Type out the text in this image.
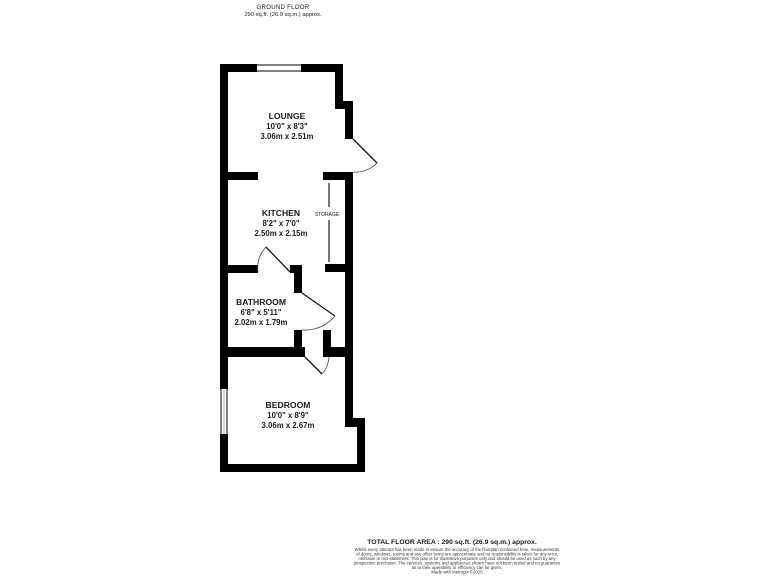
GROUND FLOOR
290 sq.ft. (26.9 sq.m.) approx.
LOUNGE
10'0" x 8'3"
3.06m x 2.51m
KITCHEN
8'2" x 7'0"
2.50m x 2.15m
STORAGE
BATHROOM
6'8" x 5'11"
2.02m x 1.79m
BEDROOM
10'0" x 8'9"
3.06m x 2.67m
TOTAL FLOOR AREA : 290 sq.ft. (26.9 sq.m.) approx.
Whilst every attempt has been made to ensure the accuracy of the floorplan contained here, measurements
of doors, windows, rooms and any other items are approximate and no responsibility is taken for any error,
omission or mis-statement. This plan is for illustrative purposes only and should be used as such by any
prospective purchaser. The services, systems and appliances shown have not been tested and no guarantee
as to their operability or efficiency can be given.
Made with Metropix ©2025
